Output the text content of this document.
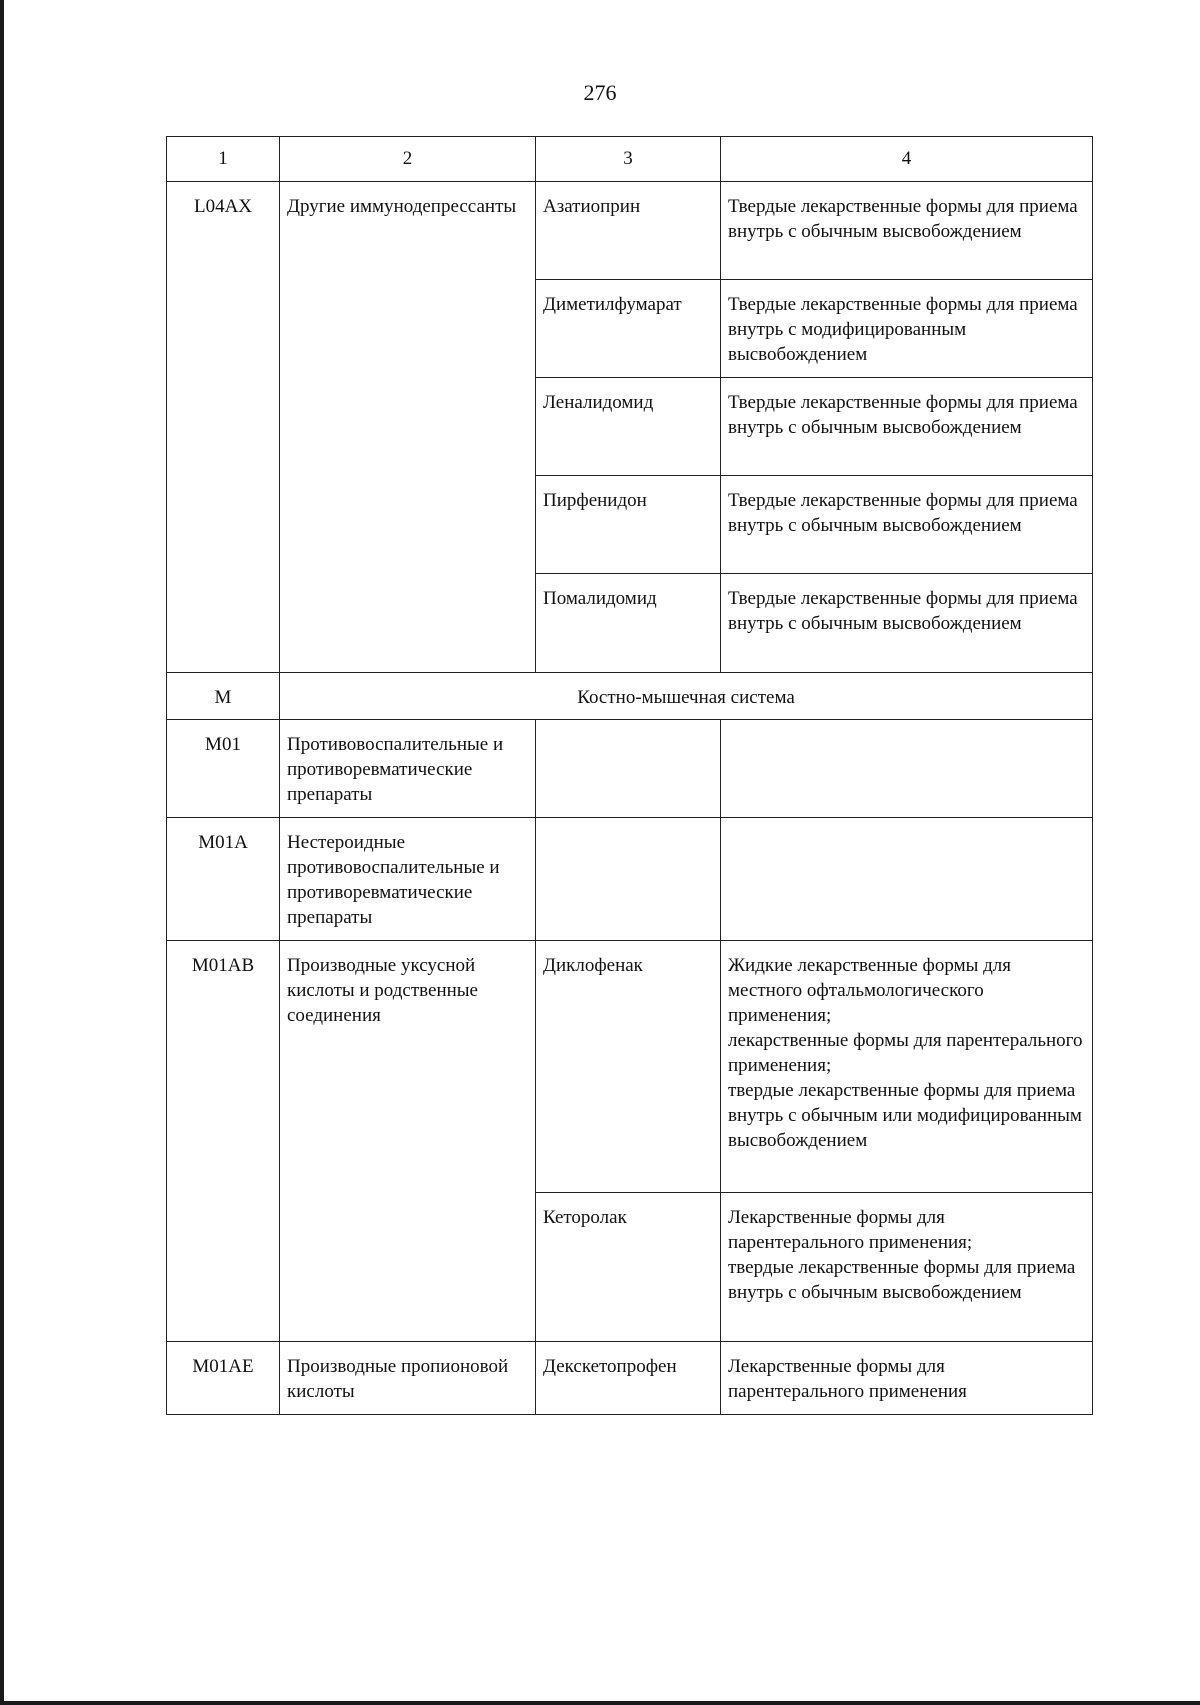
276
1	2	3	4
L04AX	Другие иммунодепрессанты	Азатиоприн	Твердые лекарственные формы для приема внутрь с обычным высвобождением
		Диметилфумарат	Твердые лекарственные формы для приема внутрь с модифицированным высвобождением
		Леналидомид	Твердые лекарственные формы для приема внутрь с обычным высвобождением
		Пирфенидон	Твердые лекарственные формы для приема внутрь с обычным высвобождением
		Помалидомид	Твердые лекарственные формы для приема внутрь с обычным высвобождением
М	Костно-мышечная система		
М01	Противовоспалительные и противоревматические препараты		
М01А	Нестероидные противовоспалительные и противоревматические препараты		
М01АВ	Производные уксусной кислоты и родственные соединения	Диклофенак	Жидкие лекарственные формы для местного офтальмологического применения;
лекарственные формы для парентерального применения;
твердые лекарственные формы для приема внутрь с обычным или модифицированным высвобождением

		Кеторолак	Лекарственные формы для парентерального применения;
твердые лекарственные формы для приема внутрь с обычным высвобождением

М01АЕ	Производные пропионовой кислоты	Декскетопрофен	Лекарственные формы для парентерального применения
